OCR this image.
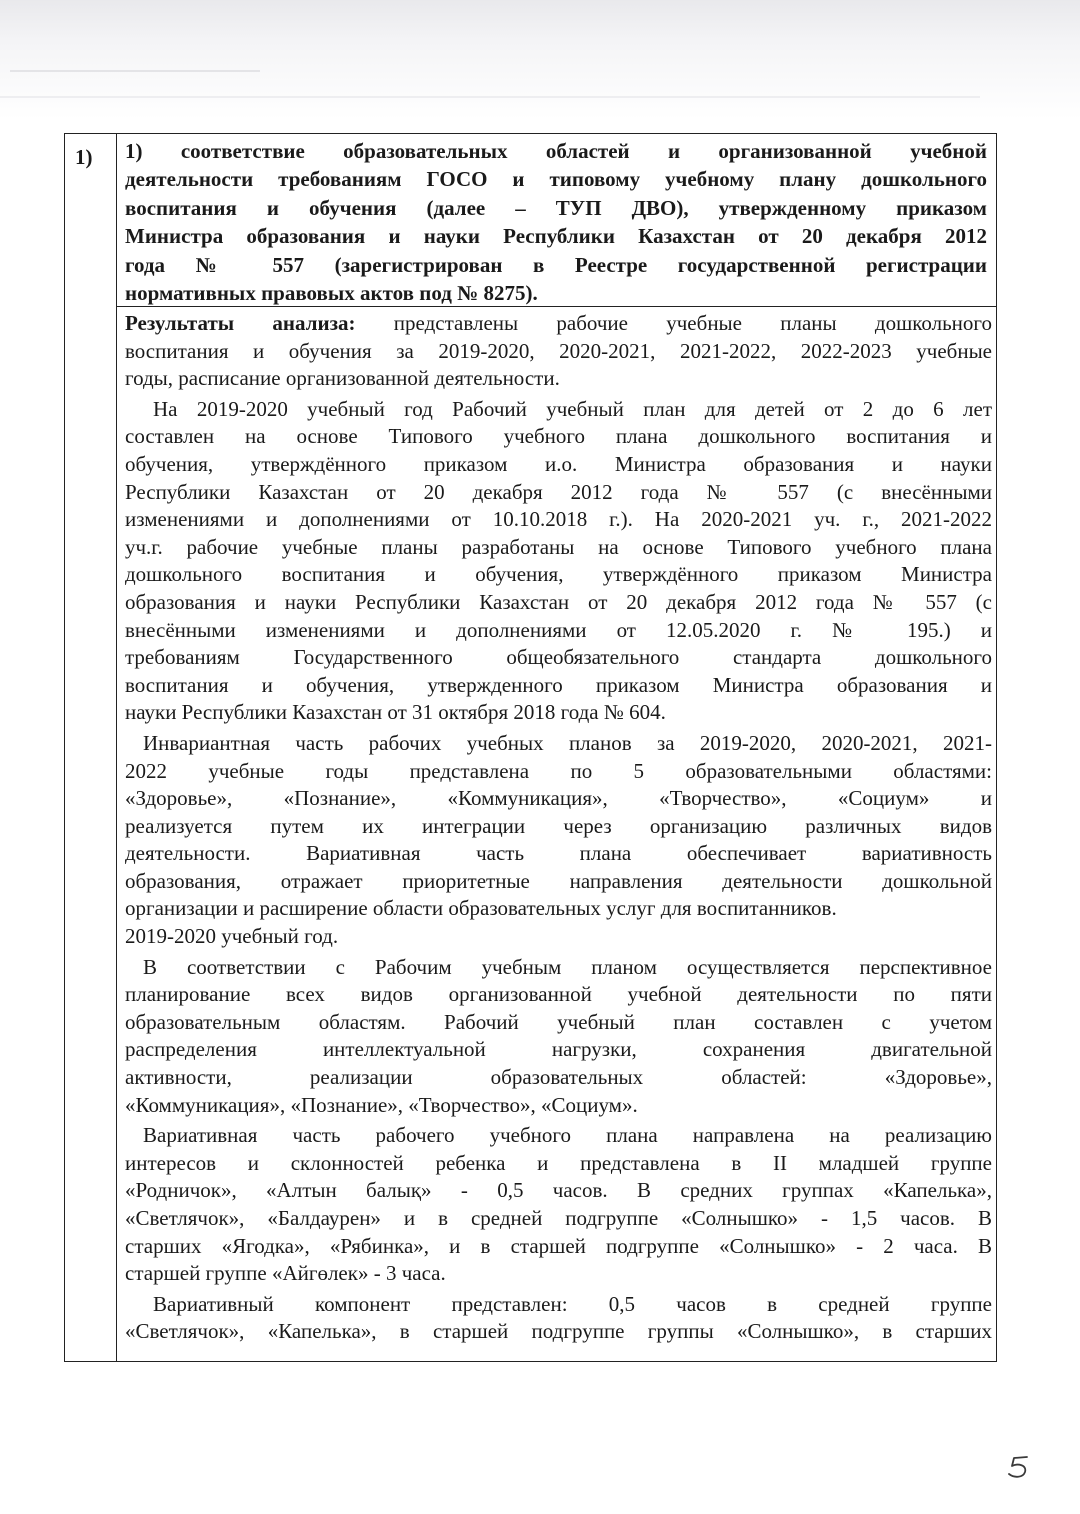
1) 1) соответствие образовательных областей и организованной учебной
деятельности требованиям ГОСО и типовому учебному плану дошкольного
воспитания и обучения (далее – ТУП ДВО), утвержденному приказом
Министра образования и науки Республики Казахстан от 20 декабря 2012
года № 557 (зарегистрирован в Реестре государственной регистрации
нормативных правовых актов под № 8275).
Результаты анализа: представлены рабочие учебные планы дошкольного
воспитания и обучения за 2019-2020, 2020-2021, 2021-2022, 2022-2023 учебные
годы, расписание организованной деятельности.
На 2019-2020 учебный год Рабочий учебный план для детей от 2 до 6 лет
составлен на основе Типового учебного плана дошкольного воспитания и
обучения, утверждённого приказом и.о. Министра образования и науки
Республики Казахстан от 20 декабря 2012 года № 557 (с внесёнными
изменениями и дополнениями от 10.10.2018 г.). На 2020-2021 уч. г., 2021-2022
уч.г. рабочие учебные планы разработаны на основе Типового учебного плана
дошкольного воспитания и обучения, утверждённого приказом Министра
образования и науки Республики Казахстан от 20 декабря 2012 года № 557 (с
внесёнными изменениями и дополнениями от 12.05.2020 г. № 195.) и
требованиям Государственного общеобязательного стандарта дошкольного
воспитания и обучения, утвержденного приказом Министра образования и
науки Республики Казахстан от 31 октября 2018 года № 604.
Инвариантная часть рабочих учебных планов за 2019-2020, 2020-2021, 2021-
2022 учебные годы представлена по 5 образовательными областями:
«Здоровье», «Познание», «Коммуникация», «Творчество», «Социум» и
реализуется путем их интеграции через организацию различных видов
деятельности. Вариативная часть плана обеспечивает вариативность
образования, отражает приоритетные направления деятельности дошкольной
организации и расширение области образовательных услуг для воспитанников.
2019-2020 учебный год.
В соответствии с Рабочим учебным планом осуществляется перспективное
планирование всех видов организованной учебной деятельности по пяти
образовательным областям. Рабочий учебный план составлен с учетом
распределения интеллектуальной нагрузки, сохранения двигательной
активности, реализации образовательных областей: «Здоровье»,
«Коммуникация», «Познание», «Творчество», «Социум».
Вариативная часть рабочего учебного плана направлена на реализацию
интересов и склонностей ребенка и представлена в II младшей группе
«Родничок», «Алтын балық» - 0,5 часов. В средних группах «Капелька»,
«Светлячок», «Балдаурен» и в средней подгруппе «Солнышко» - 1,5 часов. В
старших «Ягодка», «Рябинка», и в старшей подгруппе «Солнышко» - 2 часа. В
старшей группе «Айгөлек» - 3 часа.
Вариативный компонент представлен: 0,5 часов в средней группе
«Светлячок», «Капелька», в старшей подгруппе группы «Солнышко», в старших
